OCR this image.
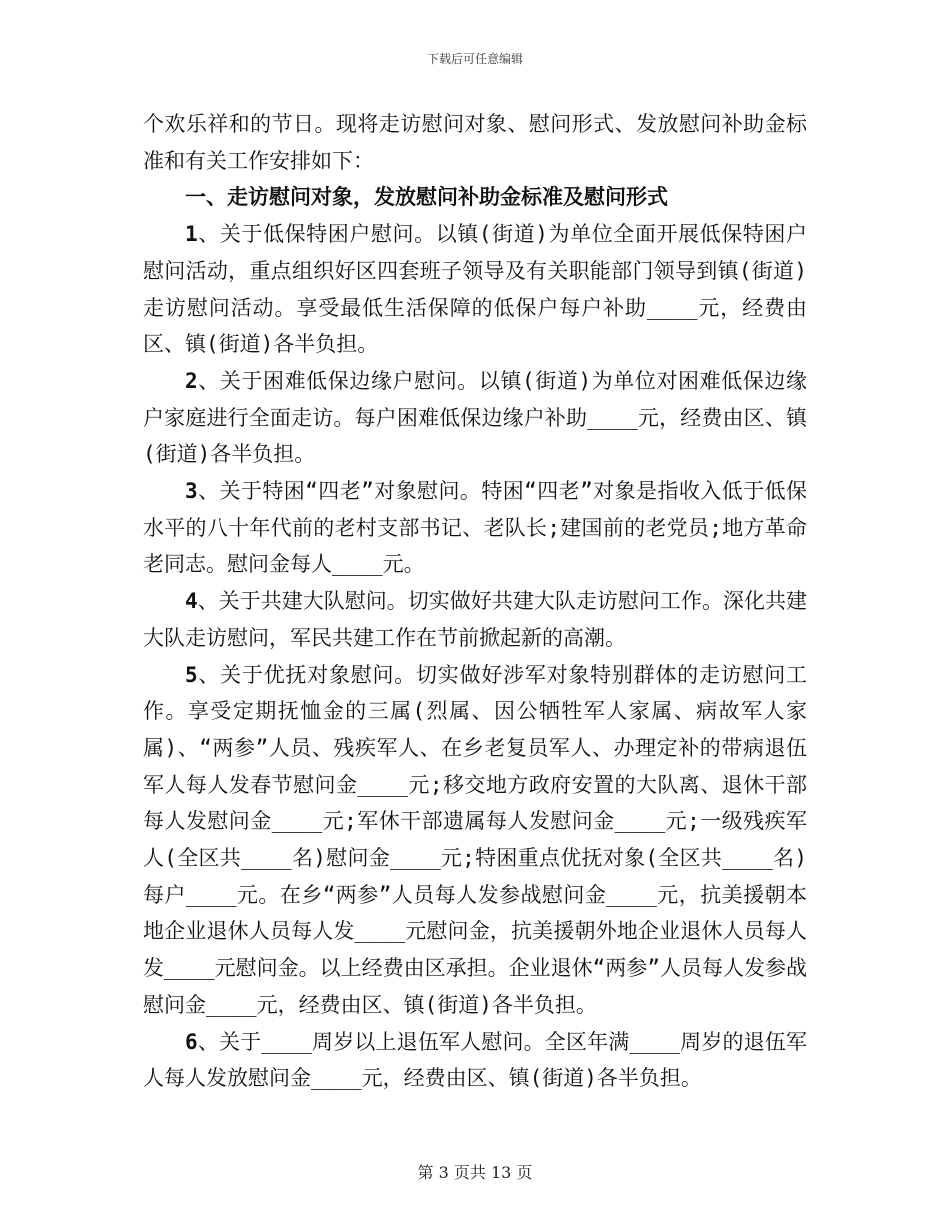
下载后可任意编辑

个欢乐祥和的节日。现将走访慰问对象、慰问形式、发放慰问补助金标准和有关工作安排如下：

一、走访慰问对象，发放慰问补助金标准及慰问形式

1、关于低保特困户慰问。以镇(街道)为单位全面开展低保特困户慰问活动，重点组织好区四套班子领导及有关职能部门领导到镇(街道)走访慰问活动。享受最低生活保障的低保户每户补助____元，经费由区、镇(街道)各半负担。

2、关于困难低保边缘户慰问。以镇(街道)为单位对困难低保边缘户家庭进行全面走访。每户困难低保边缘户补助____元，经费由区、镇(街道)各半负担。

3、关于特困“四老”对象慰问。特困“四老”对象是指收入低于低保水平的八十年代前的老村支部书记、老队长;建国前的老党员;地方革命老同志。慰问金每人____元。

4、关于共建大队慰问。切实做好共建大队走访慰问工作。深化共建大队走访慰问，军民共建工作在节前掀起新的高潮。

5、关于优抚对象慰问。切实做好涉军对象特别群体的走访慰问工作。享受定期抚恤金的三属(烈属、因公牺牲军人家属、病故军人家属)、“两参”人员、残疾军人、在乡老复员军人、办理定补的带病退伍军人每人发春节慰问金____元;移交地方政府安置的大队离、退休干部每人发慰问金____元;军休干部遗属每人发慰问金____元;一级残疾军人(全区共____名)慰问金____元;特困重点优抚对象(全区共____名)每户____元。在乡“两参”人员每人发参战慰问金____元，抗美援朝本地企业退休人员每人发____元慰问金，抗美援朝外地企业退休人员每人发____元慰问金。以上经费由区承担。企业退休“两参”人员每人发参战慰问金____元，经费由区、镇(街道)各半负担。

6、关于____周岁以上退伍军人慰问。全区年满____周岁的退伍军人每人发放慰问金____元，经费由区、镇(街道)各半负担。

第 3 页共 13 页
